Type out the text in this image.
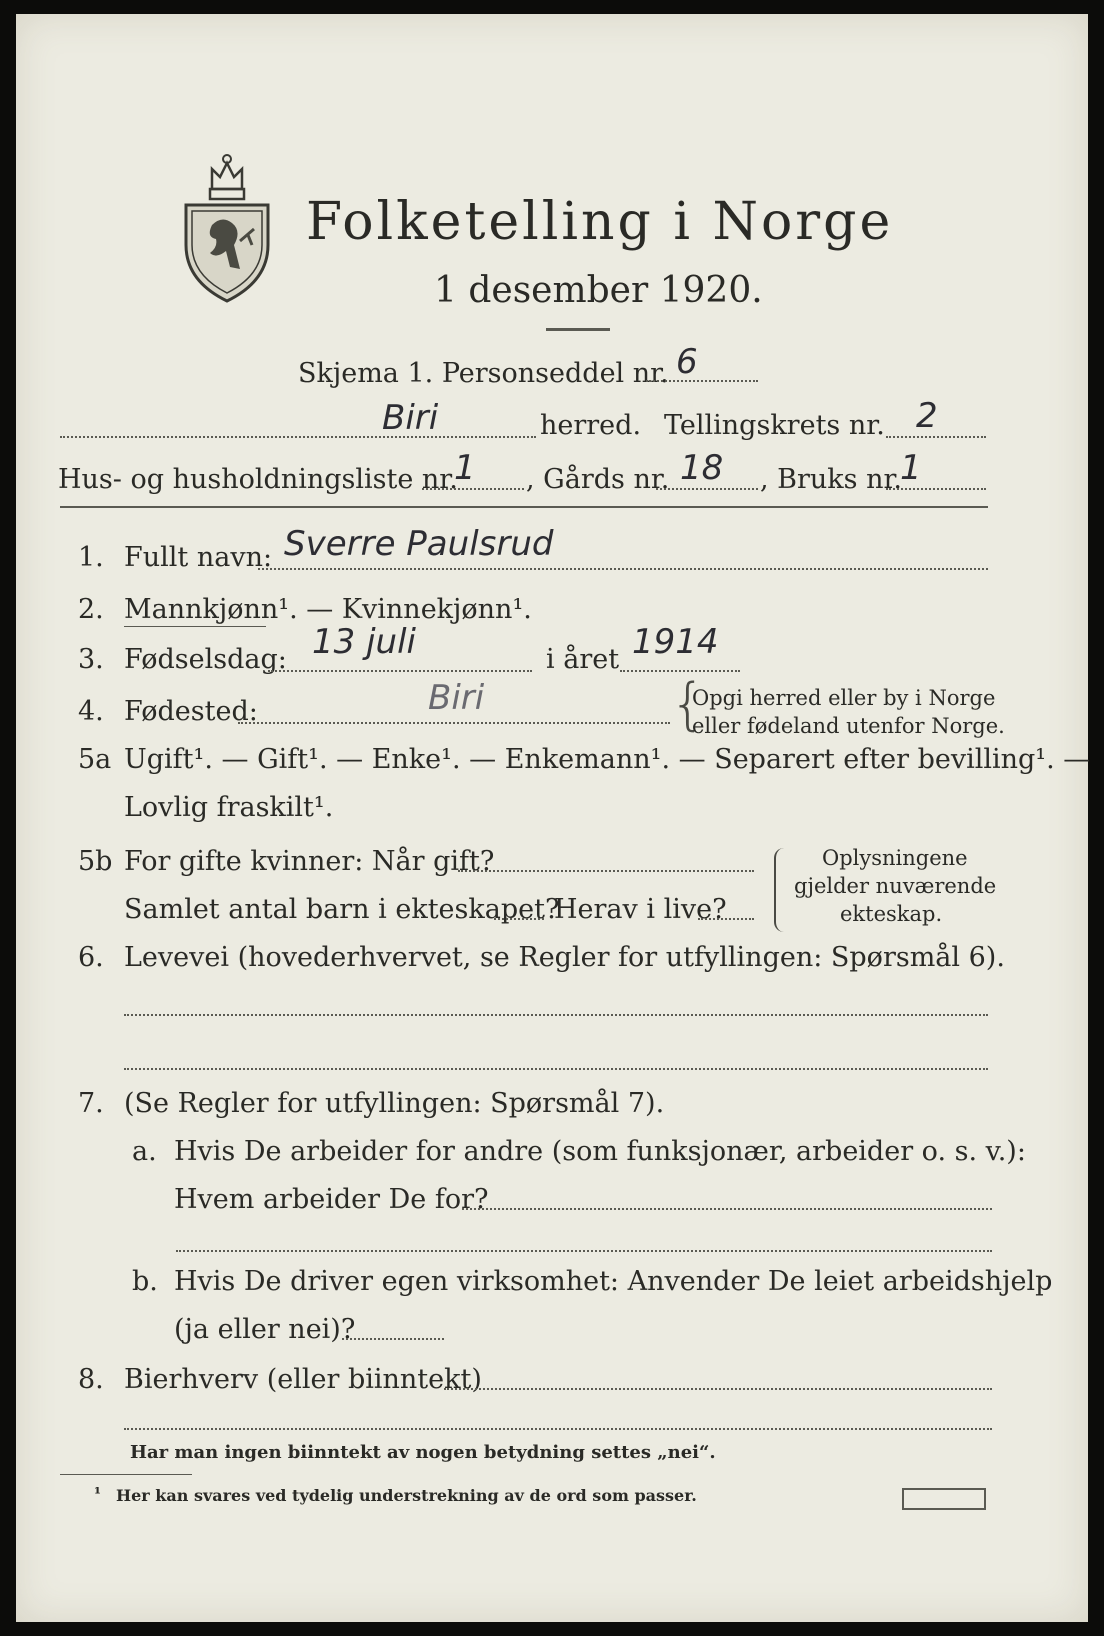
Folketelling i Norge
1 desember 1920.
Skjema 1. Personseddel nr. 6
Biri	herred. Tellingskrets nr. 2
Hus- og husholdningsliste nr.
1 , Gårds nr. 18 , Bruks nr.
1
1. Fullt navn: Sverre Paulsrud
2. Mannkjønn¹. — Kvinnekjønn¹.
3. Fødselsdag: 13 juli	i året 1914
4. Fødested:	Biri	{
Opgi herred eller by i Norge
eller fødeland utenfor Norge.
5a Ugift¹. — Gift¹. — Enke¹. — Enkemann¹. — Separert efter bevilling¹. —
Lovlig fraskilt¹.
5b For gifte kvinner: Når gift?
Samlet antal barn i ekteskapet?
Herav i live?
Oplysningene
gjelder nuværende
ekteskap.
6. Levevei (hovederhvervet, se Regler for utfyllingen: Spørsmål 6).
7. (Se Regler for utfyllingen: Spørsmål 7).
a. Hvis De arbeider for andre (som funksjonær, arbeider o. s. v.):
Hvem arbeider De for?
b. Hvis De driver egen virksomhet: Anvender De leiet arbeidshjelp
(ja eller nei)?
8. Bierhverv (eller biinntekt)
Har man ingen biinntekt av nogen betydning settes „nei“.
¹ Her kan svares ved tydelig understrekning av de ord som passer.
